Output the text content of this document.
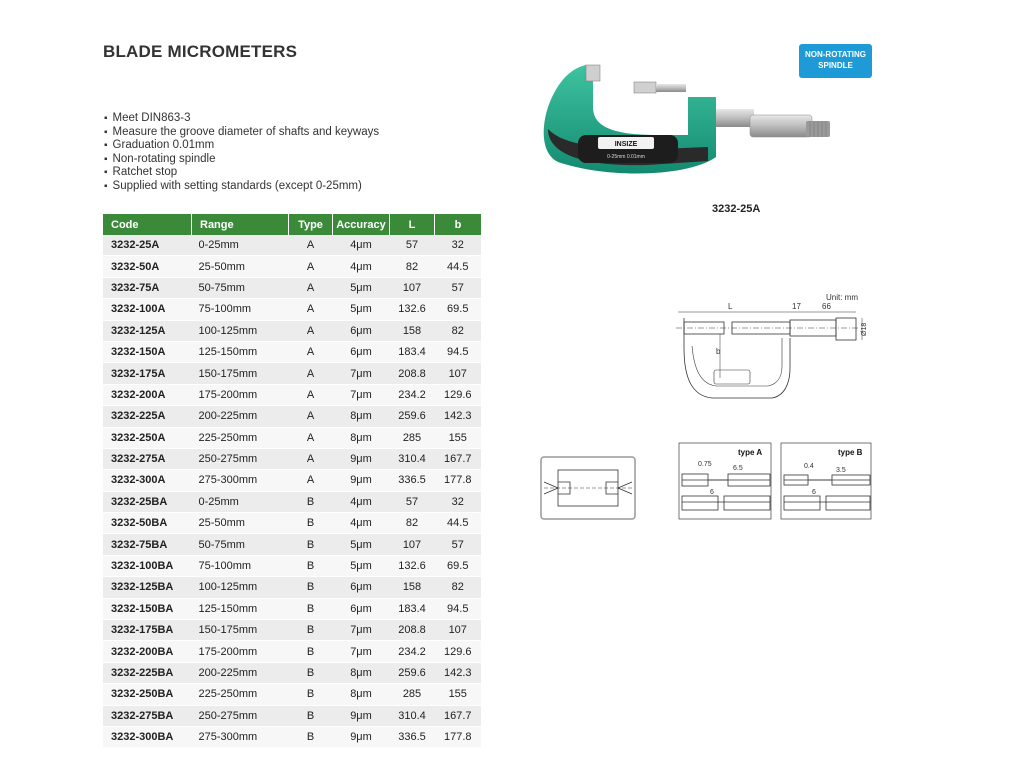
BLADE MICROMETERS	NON-ROTATING
SPINDLE
▪ Meet DIN863-3
▪ Measure the groove diameter of shafts and keyways
▪ Graduation 0.01mm
▪ Non-rotating spindle
▪ Ratchet stop
▪ Supplied with setting standards (except 0-25mm)
Code	Range	Type	Accuracy	L	b
3232-25A	0-25mm	A	4μm	57	32
3232-50A	25-50mm	A	4μm	82	44.5
3232-75A	50-75mm	A	5μm	107	57
3232-100A	75-100mm	A	5μm	132.6	69.5
3232-125A	100-125mm	A	6μm	158	82
3232-150A	125-150mm	A	6μm	183.4	94.5
3232-175A	150-175mm	A	7μm	208.8	107
3232-200A	175-200mm	A	7μm	234.2	129.6
3232-225A	200-225mm	A	8μm	259.6	142.3
3232-250A	225-250mm	A	8μm	285	155
3232-275A	250-275mm	A	9μm	310.4	167.7
3232-300A	275-300mm	A	9μm	336.5	177.8
3232-25BA	0-25mm	B	4μm	57	32
3232-50BA	25-50mm	B	4μm	82	44.5
3232-75BA	50-75mm	B	5μm	107	57
3232-100BA	75-100mm	B	5μm	132.6	69.5
3232-125BA	100-125mm	B	6μm	158	82
3232-150BA	125-150mm	B	6μm	183.4	94.5
3232-175BA	150-175mm	B	7μm	208.8	107
3232-200BA	175-200mm	B	7μm	234.2	129.6
3232-225BA	200-225mm	B	8μm	259.6	142.3
3232-250BA	225-250mm	B	8μm	285	155
3232-275BA	250-275mm	B	9μm	310.4	167.7
3232-300BA	275-300mm	B	9μm	336.5	177.8
INSIZE
0-25mm 0.01mm
3232-25A
Unit: mm
L	17	66
b
Ø18
type A
0.75
6.5
6
type B
0.4
3.5
6
